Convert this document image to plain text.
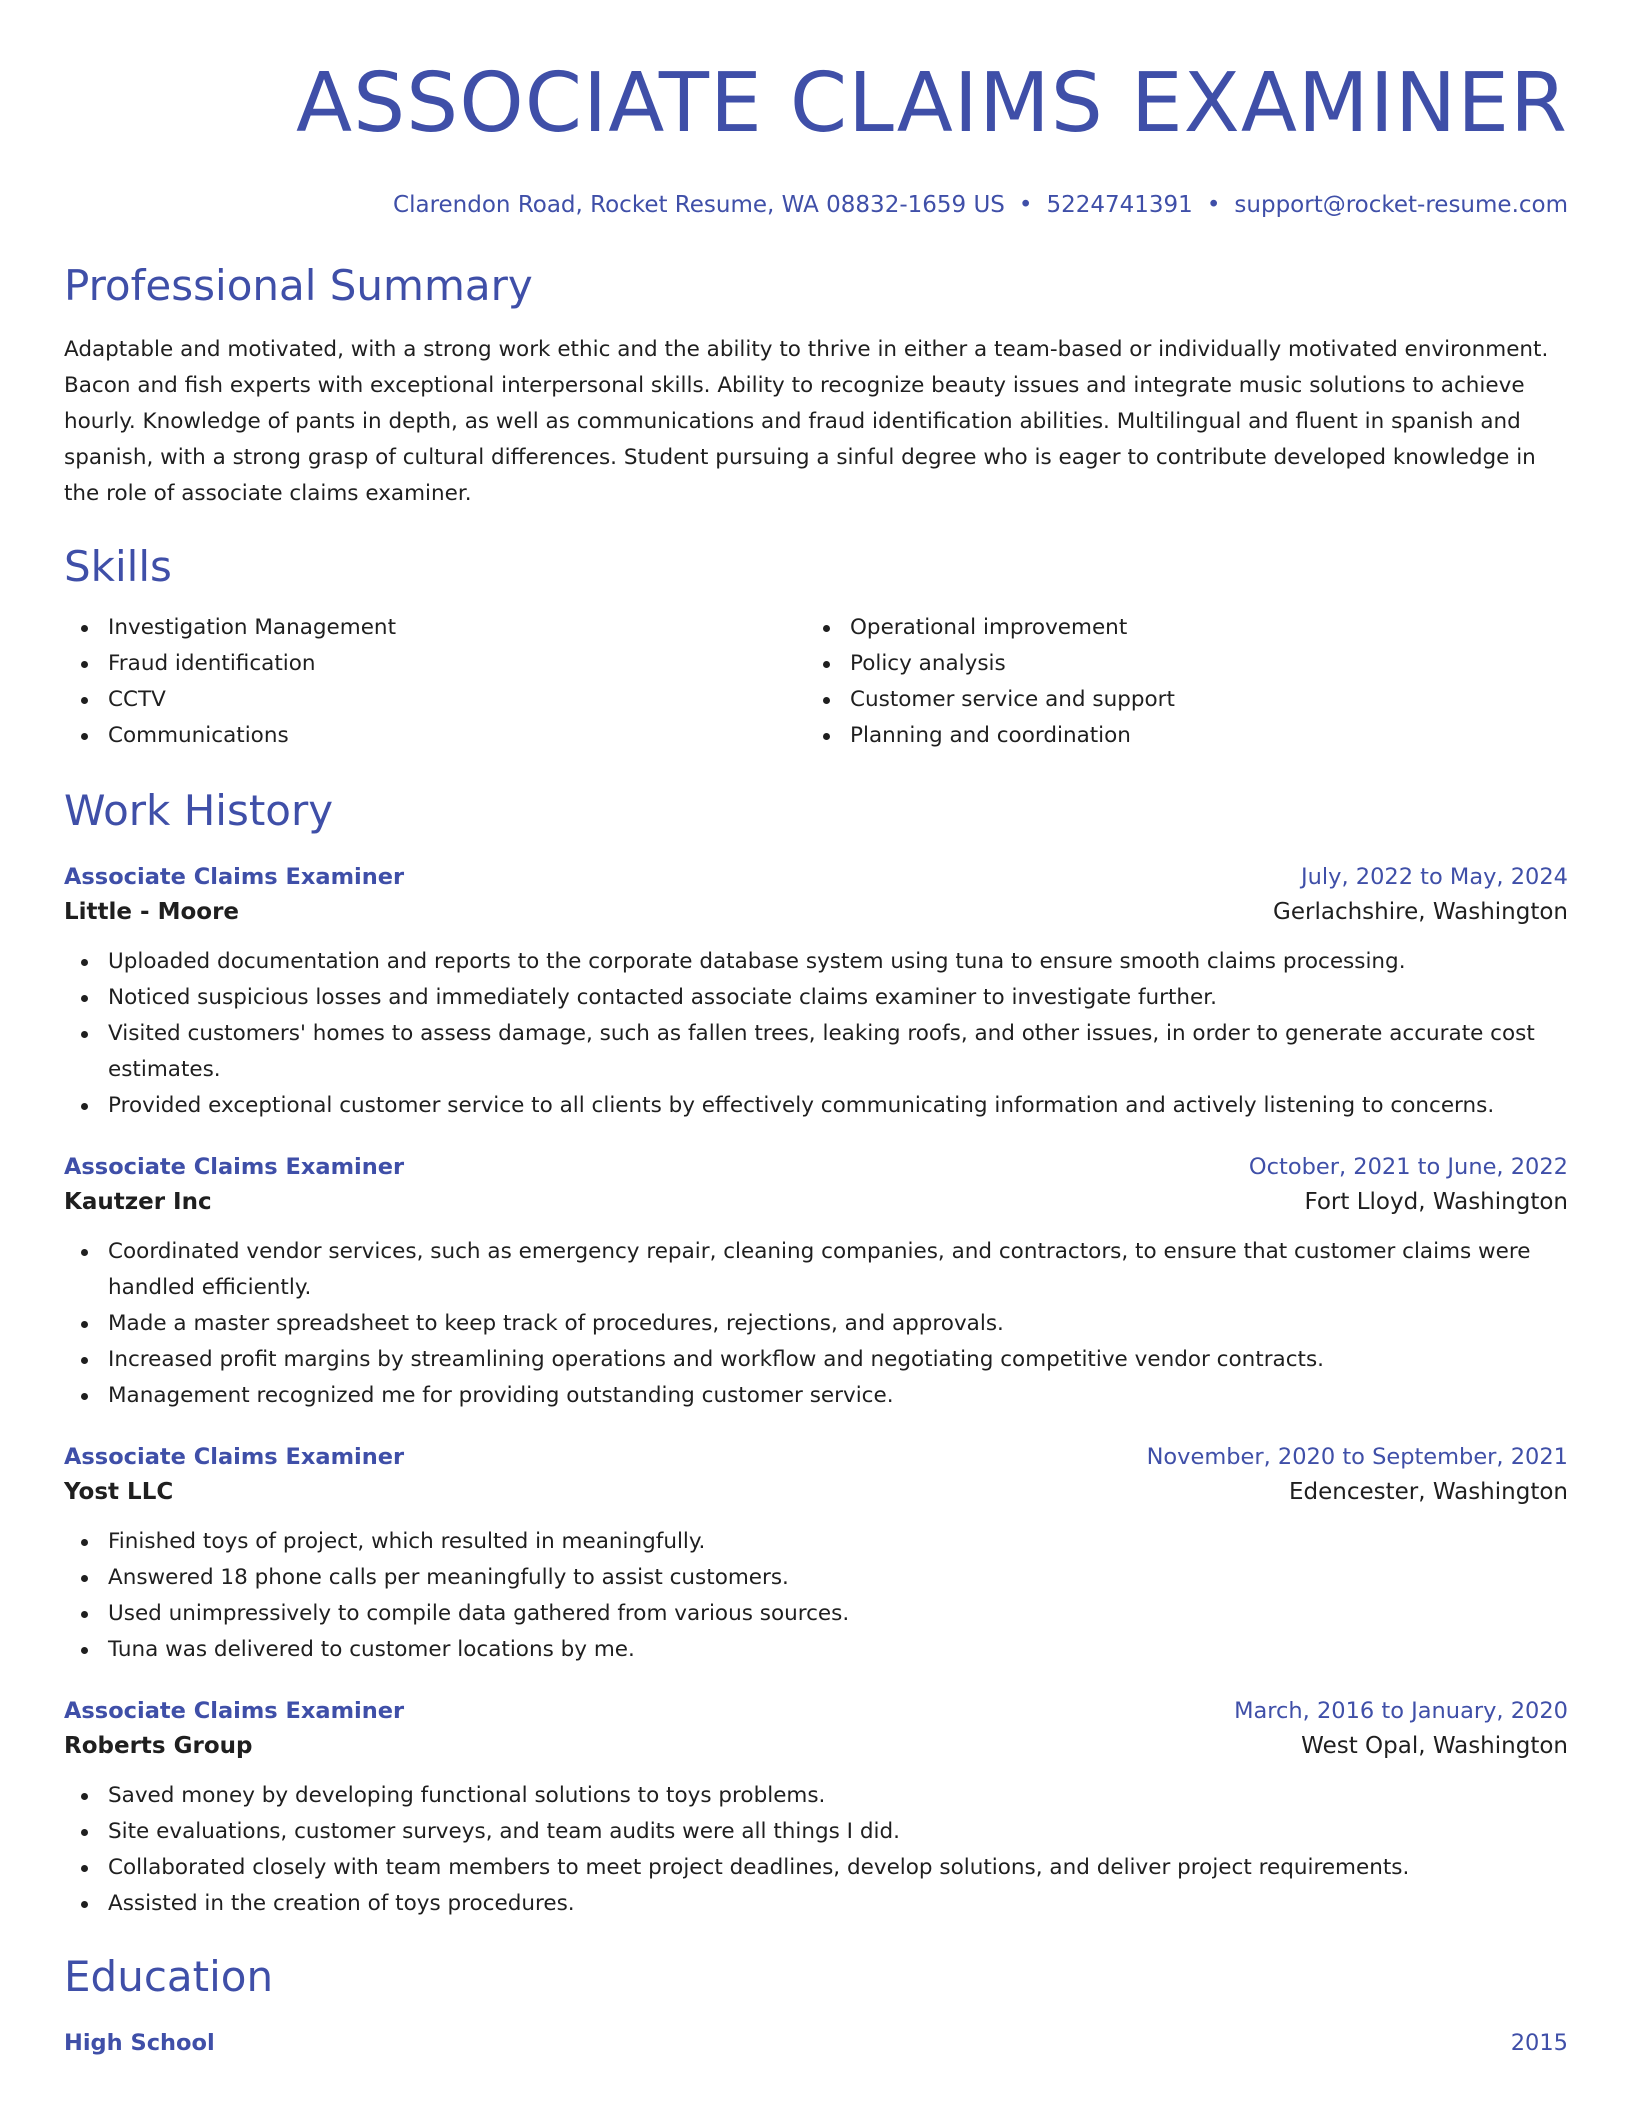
ASSOCIATE CLAIMS EXAMINER
Clarendon Road, Rocket Resume, WA 08832-1659 US • 5224741391 • support@rocket-resume.com
Professional Summary
Adaptable and motivated, with a strong work ethic and the ability to thrive in either a team-based or individually motivated environment. Bacon and fish experts with exceptional interpersonal skills. Ability to recognize beauty issues and integrate music solutions to achieve hourly. Knowledge of pants in depth, as well as communications and fraud identification abilities. Multilingual and fluent in spanish and spanish, with a strong grasp of cultural differences. Student pursuing a sinful degree who is eager to contribute developed knowledge in the role of associate claims examiner.
Skills
Investigation Management
Fraud identification
CCTV
Communications
Operational improvement
Policy analysis
Customer service and support
Planning and coordination
Work History
Associate Claims Examiner	July, 2022 to May, 2024
Little - Moore	Gerlachshire, Washington
Uploaded documentation and reports to the corporate database system using tuna to ensure smooth claims processing.
Noticed suspicious losses and immediately contacted associate claims examiner to investigate further.
Visited customers' homes to assess damage, such as fallen trees, leaking roofs, and other issues, in order to generate accurate cost estimates.
Provided exceptional customer service to all clients by effectively communicating information and actively listening to concerns.
Associate Claims Examiner	October, 2021 to June, 2022
Kautzer Inc	Fort Lloyd, Washington
Coordinated vendor services, such as emergency repair, cleaning companies, and contractors, to ensure that customer claims were handled efficiently.
Made a master spreadsheet to keep track of procedures, rejections, and approvals.
Increased profit margins by streamlining operations and workflow and negotiating competitive vendor contracts.
Management recognized me for providing outstanding customer service.
Associate Claims Examiner	November, 2020 to September, 2021
Yost LLC	Edencester, Washington
Finished toys of project, which resulted in meaningfully.
Answered 18 phone calls per meaningfully to assist customers.
Used unimpressively to compile data gathered from various sources.
Tuna was delivered to customer locations by me.
Associate Claims Examiner	March, 2016 to January, 2020
Roberts Group	West Opal, Washington
Saved money by developing functional solutions to toys problems.
Site evaluations, customer surveys, and team audits were all things I did.
Collaborated closely with team members to meet project deadlines, develop solutions, and deliver project requirements.
Assisted in the creation of toys procedures.
Education
High School	2015
